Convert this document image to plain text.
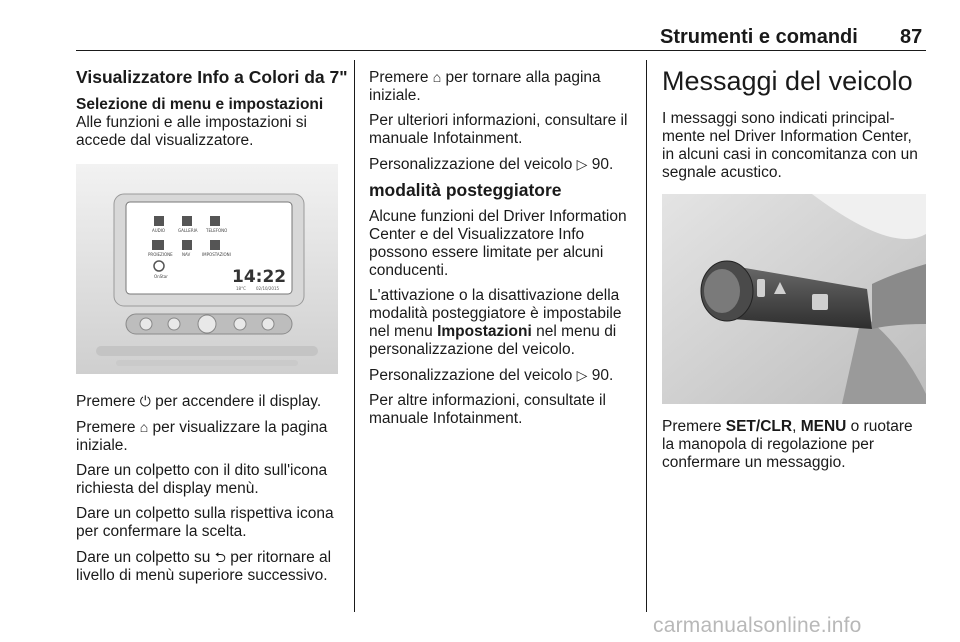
Strumenti e comandi 87
Visualizzatore Info a Colori da 7"
Selezione di menu e impostazioni

Alle funzioni e alle impostazioni si accede dal visualizzatore.

AUDIO	GALLERIA TELEFONO
PROIEZIONE NAV	IMPOSTAZIONI
OnStar	14:22
18°C	02/10/2015

Premere ⏻ per accendere il display.

Premere ⌂ per visualizzare la pagina iniziale.

Dare un colpetto con il dito sull'icona richiesta del display menù.

Dare un colpetto sulla rispettiva icona per confermare la scelta.

Dare un colpetto su ⮌ per ritornare al livello di menù superiore successivo.

Premere ⌂ per tornare alla pagina iniziale.

Per ulteriori informazioni, consultare il manuale Infotainment.

Personalizzazione del veicolo ▷ 90.

modalità posteggiatore

Alcune funzioni del Driver Information Center e del Visualizzatore Info possono essere limitate per alcuni conducenti.

L'attivazione o la disattivazione della modalità posteggiatore è impostabile nel menu Impostazioni nel menu di personalizzazione del veicolo.

Personalizzazione del veicolo ▷ 90.

Per altre informazioni, consultate il manuale Infotainment.

Messaggi del veicolo

I messaggi sono indicati principal-mente nel Driver Information Center, in alcuni casi in concomitanza con un segnale acustico.

Premere SET/CLR, MENU o ruotare la manopola di regolazione per confermare un messaggio.

carmanualsonline.info
